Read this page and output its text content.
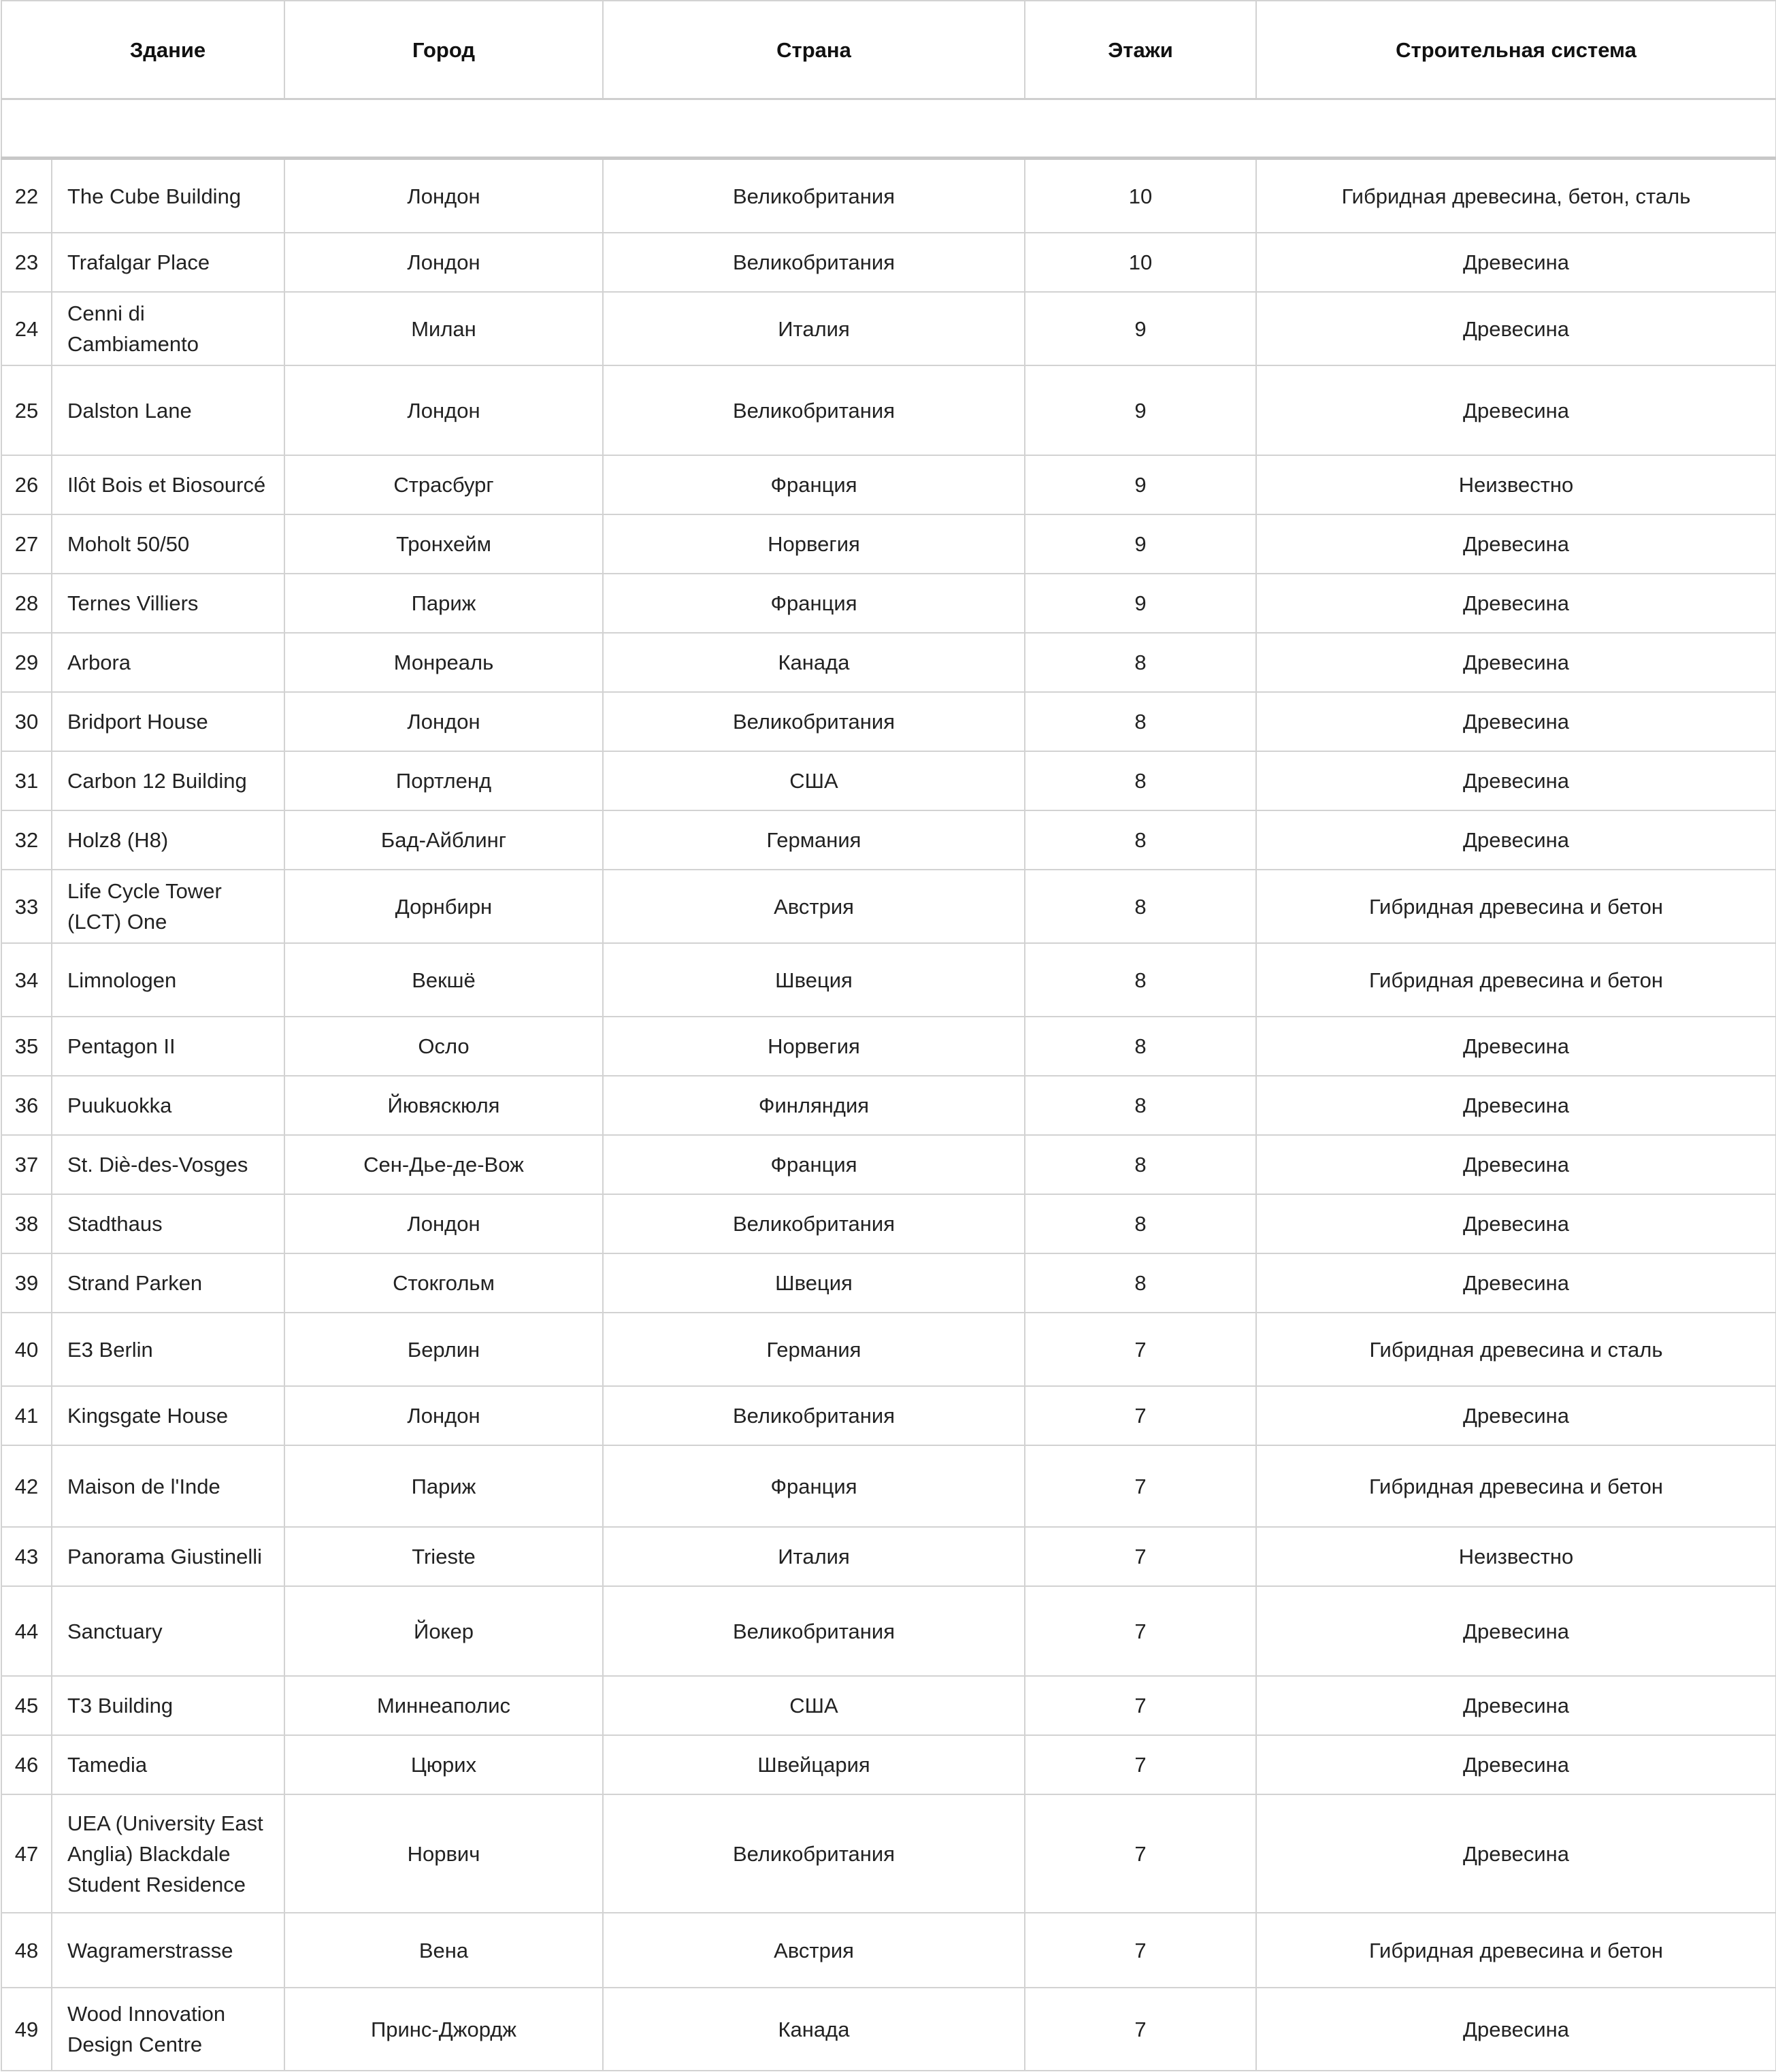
	Здание	Город	Страна	Этажи	Строительная система

22	The Cube Building	Лондон	Великобритания	10	Гибридная древесина, бетон, сталь
23	Trafalgar Place	Лондон	Великобритания	10	Древесина
24	Cenni di Cambiamento	Милан	Италия	9	Древесина
25	Dalston Lane	Лондон	Великобритания	9	Древесина
26	Ilôt Bois et Biosourcé	Страсбург	Франция	9	Неизвестно
27	Moholt 50/50	Тронхейм	Норвегия	9	Древесина
28	Ternes Villiers	Париж	Франция	9	Древесина
29	Arbora	Монреаль	Канада	8	Древесина
30	Bridport House	Лондон	Великобритания	8	Древесина
31	Carbon 12 Building	Портленд	США	8	Древесина
32	Holz8 (H8)	Бад-Айблинг	Германия	8	Древесина
33	Life Cycle Tower (LCT) One	Дорнбирн	Австрия	8	Гибридная древесина и бетон
34	Limnologen	Векшё	Швеция	8	Гибридная древесина и бетон
35	Pentagon II	Осло	Норвегия	8	Древесина
36	Puukuokka	Йювяскюля	Финляндия	8	Древесина
37	St. Diè-des-Vosges	Сен-Дье-де-Вож	Франция	8	Древесина
38	Stadthaus	Лондон	Великобритания	8	Древесина
39	Strand Parken	Стокгольм	Швеция	8	Древесина
40	E3 Berlin	Берлин	Германия	7	Гибридная древесина и сталь
41	Kingsgate House	Лондон	Великобритания	7	Древесина
42	Maison de l'Inde	Париж	Франция	7	Гибридная древесина и бетон
43	Panorama Giustinelli	Trieste	Италия	7	Неизвестно
44	Sanctuary	Йокер	Великобритания	7	Древесина
45	T3 Building	Миннеаполис	США	7	Древесина
46	Tamedia	Цюрих	Швейцария	7	Древесина
47	UEA (University East Anglia) Blackdale Student Residence	Норвич	Великобритания	7	Древесина
48	Wagramerstrasse	Вена	Австрия	7	Гибридная древесина и бетон
49	Wood Innovation Design Centre	Принс-Джордж	Канада	7	Древесина
